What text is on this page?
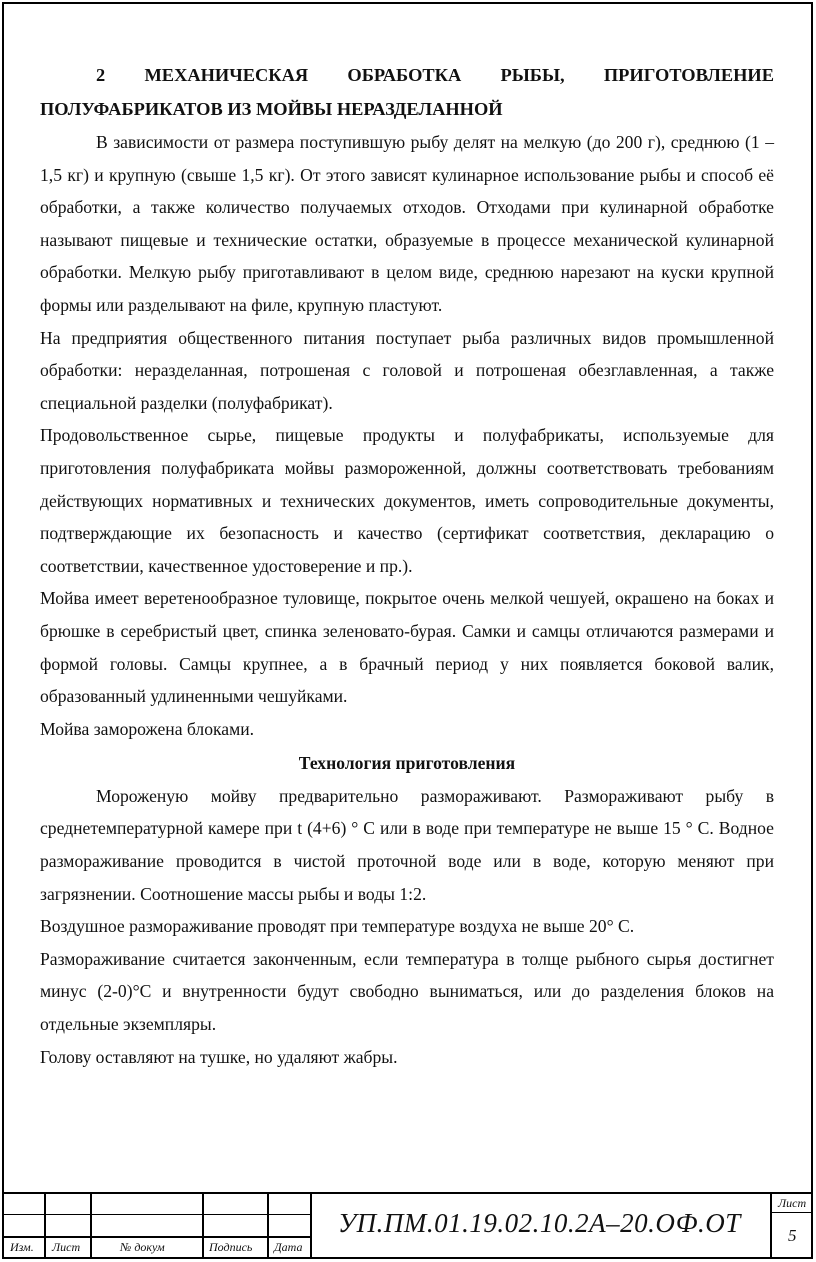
2 МЕХАНИЧЕСКАЯ ОБРАБОТКА РЫБЫ, ПРИГОТОВЛЕНИЕ ПОЛУФАБРИКАТОВ ИЗ МОЙВЫ НЕРАЗДЕЛАННОЙ

В зависимости от размера поступившую рыбу делят на мелкую (до 200 г), среднюю (1 –1,5 кг) и крупную (свыше 1,5 кг). От этого зависят кулинарное использование рыбы и способ её обработки, а также количество получаемых отходов. Отходами при кулинарной обработке называют пищевые и технические остатки, образуемые в процессе механической кулинарной обработки. Мелкую рыбу приготавливают в целом виде, среднюю нарезают на куски крупной формы или разделывают на филе, крупную пластуют.

На предприятия общественного питания поступает рыба различных видов промышленной обработки: неразделанная, потрошеная с головой и потрошеная обезглавленная, а также специальной разделки (полуфабрикат).

Продовольственное сырье, пищевые продукты и полуфабрикаты, используемые для приготовления полуфабриката мойвы размороженной, должны соответствовать требованиям действующих нормативных и технических документов, иметь сопроводительные документы, подтверждающие их безопасность и качество (сертификат соответствия, декларацию о соответствии, качественное удостоверение и пр.).

Мойва имеет веретенообразное туловище, покрытое очень мелкой чешуей, окрашено на боках и брюшке в серебристый цвет, спинка зеленовато-бурая. Самки и самцы отличаются размерами и формой головы. Самцы крупнее, а в брачный период у них появляется боковой валик, образованный удлиненными чешуйками.

Мойва заморожена блоками.

Технология приготовления

Мороженую мойву предварительно размораживают. Размораживают рыбу в среднетемпературной камере при t (4+6) ° С или в воде при температуре не выше 15 ° С. Водное размораживание проводится в чистой проточной воде или в воде, которую меняют при загрязнении. Соотношение массы рыбы и воды 1:2.

Воздушное размораживание проводят при температуре воздуха не выше 20° С.

Размораживание считается законченным, если температура в толще рыбного сырья достигнет минус (2-0)°С и внутренности будут свободно выниматься, или до разделения блоков на отдельные экземпляры.

Голову оставляют на тушке, но удаляют жабры.

Изм. Лист	№ докум	Подпись Дата
УП.ПМ.01.19.02.10.2А–20.ОФ.ОТ
Лист
5
